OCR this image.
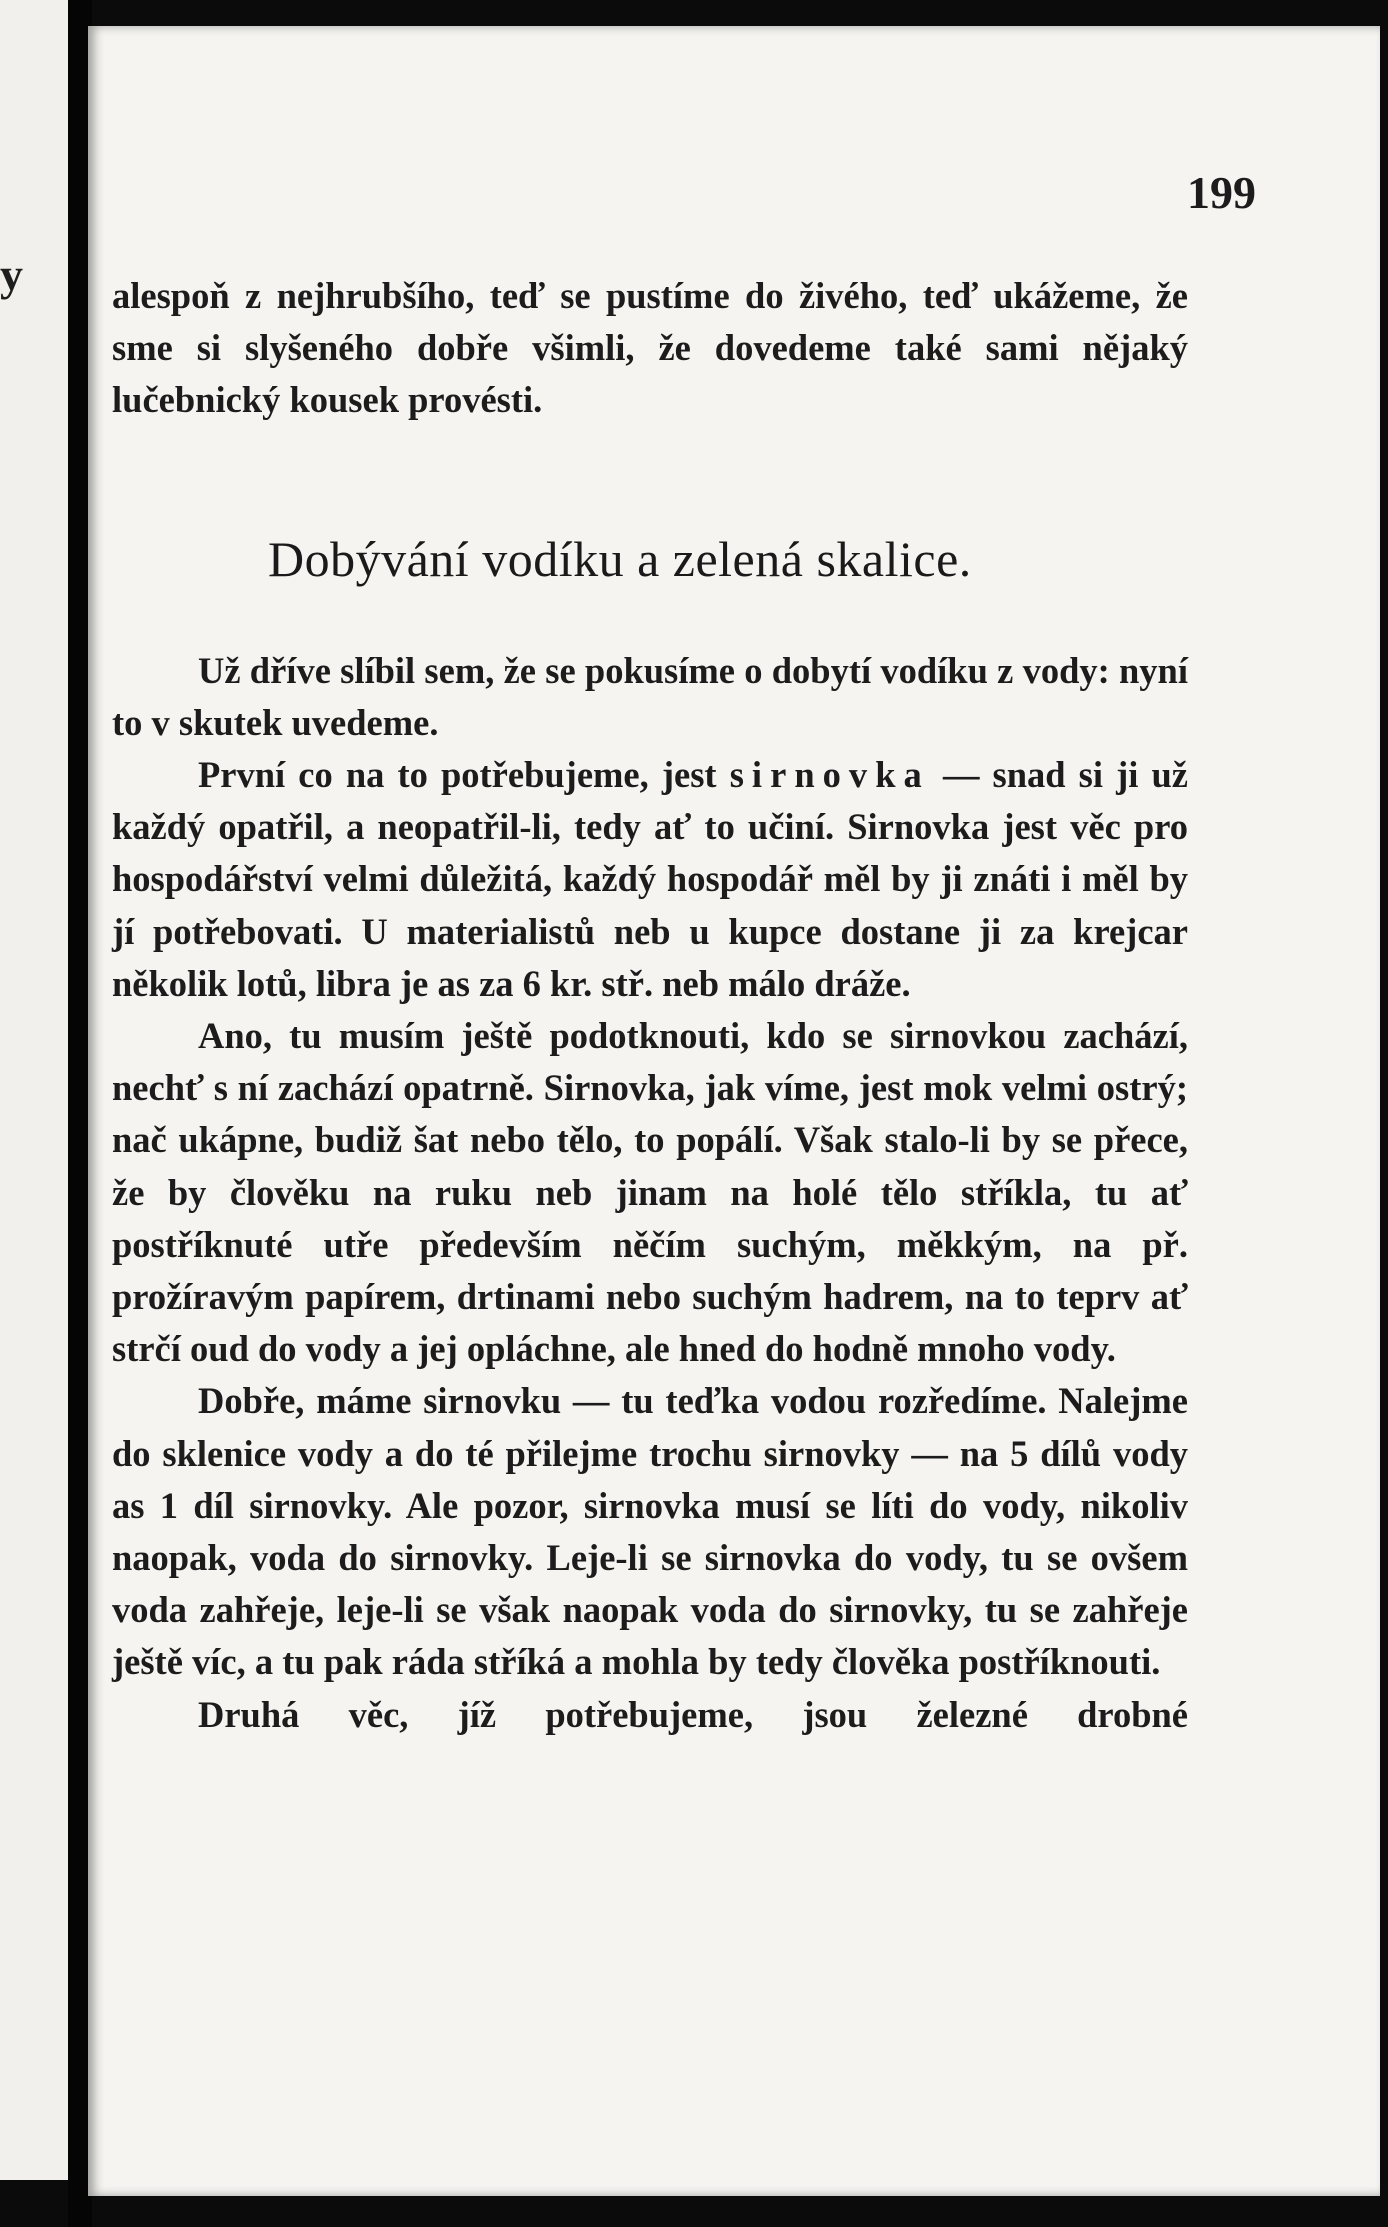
y
199

alespoň z nejhrubšího, teď se pustíme do živého, teď ukážeme, že sme si slyšeného dobře všimli, že dovedeme také sami nějaký lučebnický kousek provésti.

Dobývání vodíku a zelená skalice.

Už dříve slíbil sem, že se pokusíme o dobytí vodíku z vody: nyní to v skutek uvedeme.

První co na to potřebujeme, jest sirnovka — snad si ji už každý opatřil, a neopatřil-li, tedy ať to učiní. Sirnovka jest věc pro hospodářství velmi důležitá, každý hospodář měl by ji znáti i měl by jí potřebovati. U materialistů neb u kupce dostane ji za krejcar několik lotů, libra je as za 6 kr. stř. neb málo dráže.

Ano, tu musím ještě podotknouti, kdo se sirnovkou zachází, nechť s ní zachází opatrně. Sirnovka, jak víme, jest mok velmi ostrý; nač ukápne, budiž šat nebo tělo, to popálí. Však stalo-li by se přece, že by člověku na ruku neb jinam na holé tělo stříkla, tu ať postříknuté utře především něčím suchým, měkkým, na př. prožíravým papírem, drtinami nebo suchým hadrem, na to teprv ať strčí oud do vody a jej opláchne, ale hned do hodně mnoho vody.

Dobře, máme sirnovku — tu teďka vodou rozředíme. Nalejme do sklenice vody a do té přilejme trochu sirnovky — na 5 dílů vody as 1 díl sirnovky. Ale pozor, sirnovka musí se líti do vody, nikoliv naopak, voda do sirnovky. Leje-li se sirnovka do vody, tu se ovšem voda zahřeje, leje-li se však naopak voda do sirnovky, tu se zahřeje ještě víc, a tu pak ráda stříká a mohla by tedy člověka postříknouti.

Druhá věc, jíž potřebujeme, jsou železné drobné
